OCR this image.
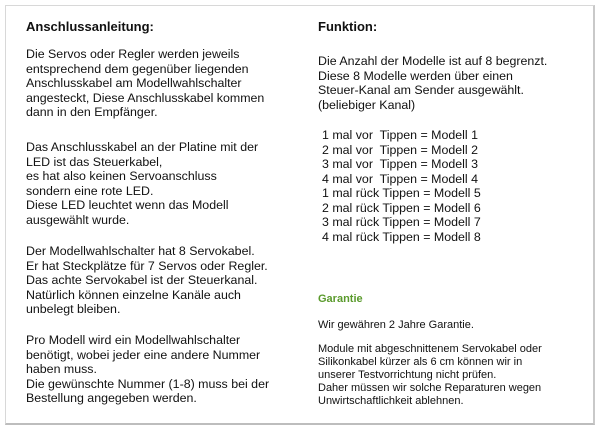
Anschlussanleitung:

Die Servos oder Regler werden jeweils
entsprechend dem gegenüber liegenden
Anschlusskabel am Modellwahlschalter
angesteckt, Diese Anschlusskabel kommen
dann in den Empfänger.

Das Anschlusskabel an der Platine mit der
LED ist das Steuerkabel,
es hat also keinen Servoanschluss
sondern eine rote LED.
Diese LED leuchtet wenn das Modell
ausgewählt wurde.

Der Modellwahlschalter hat 8 Servokabel.
Er hat Steckplätze für 7 Servos oder Regler.
Das achte Servokabel ist der Steuerkanal.
Natürlich können einzelne Kanäle auch
unbelegt bleiben.

Pro Modell wird ein Modellwahlschalter
benötigt, wobei jeder eine andere Nummer
haben muss.
Die gewünschte Nummer (1-8) muss bei der
Bestellung angegeben werden.

Funktion:

Die Anzahl der Modelle ist auf 8 begrenzt.
Diese 8 Modelle werden über einen
Steuer-Kanal am Sender ausgewählt.
(beliebiger Kanal)

1 mal vor  Tippen = Modell 1
2 mal vor  Tippen = Modell 2
3 mal vor  Tippen = Modell 3
4 mal vor  Tippen = Modell 4
1 mal rück Tippen = Modell 5
2 mal rück Tippen = Modell 6
3 mal rück Tippen = Modell 7
4 mal rück Tippen = Modell 8

Garantie

Wir gewähren 2 Jahre Garantie.

Module mit abgeschnittenem Servokabel oder
Silikonkabel kürzer als 6 cm können wir in
unserer Testvorrichtung nicht prüfen.
Daher müssen wir solche Reparaturen wegen
Unwirtschaftlichkeit ablehnen.
